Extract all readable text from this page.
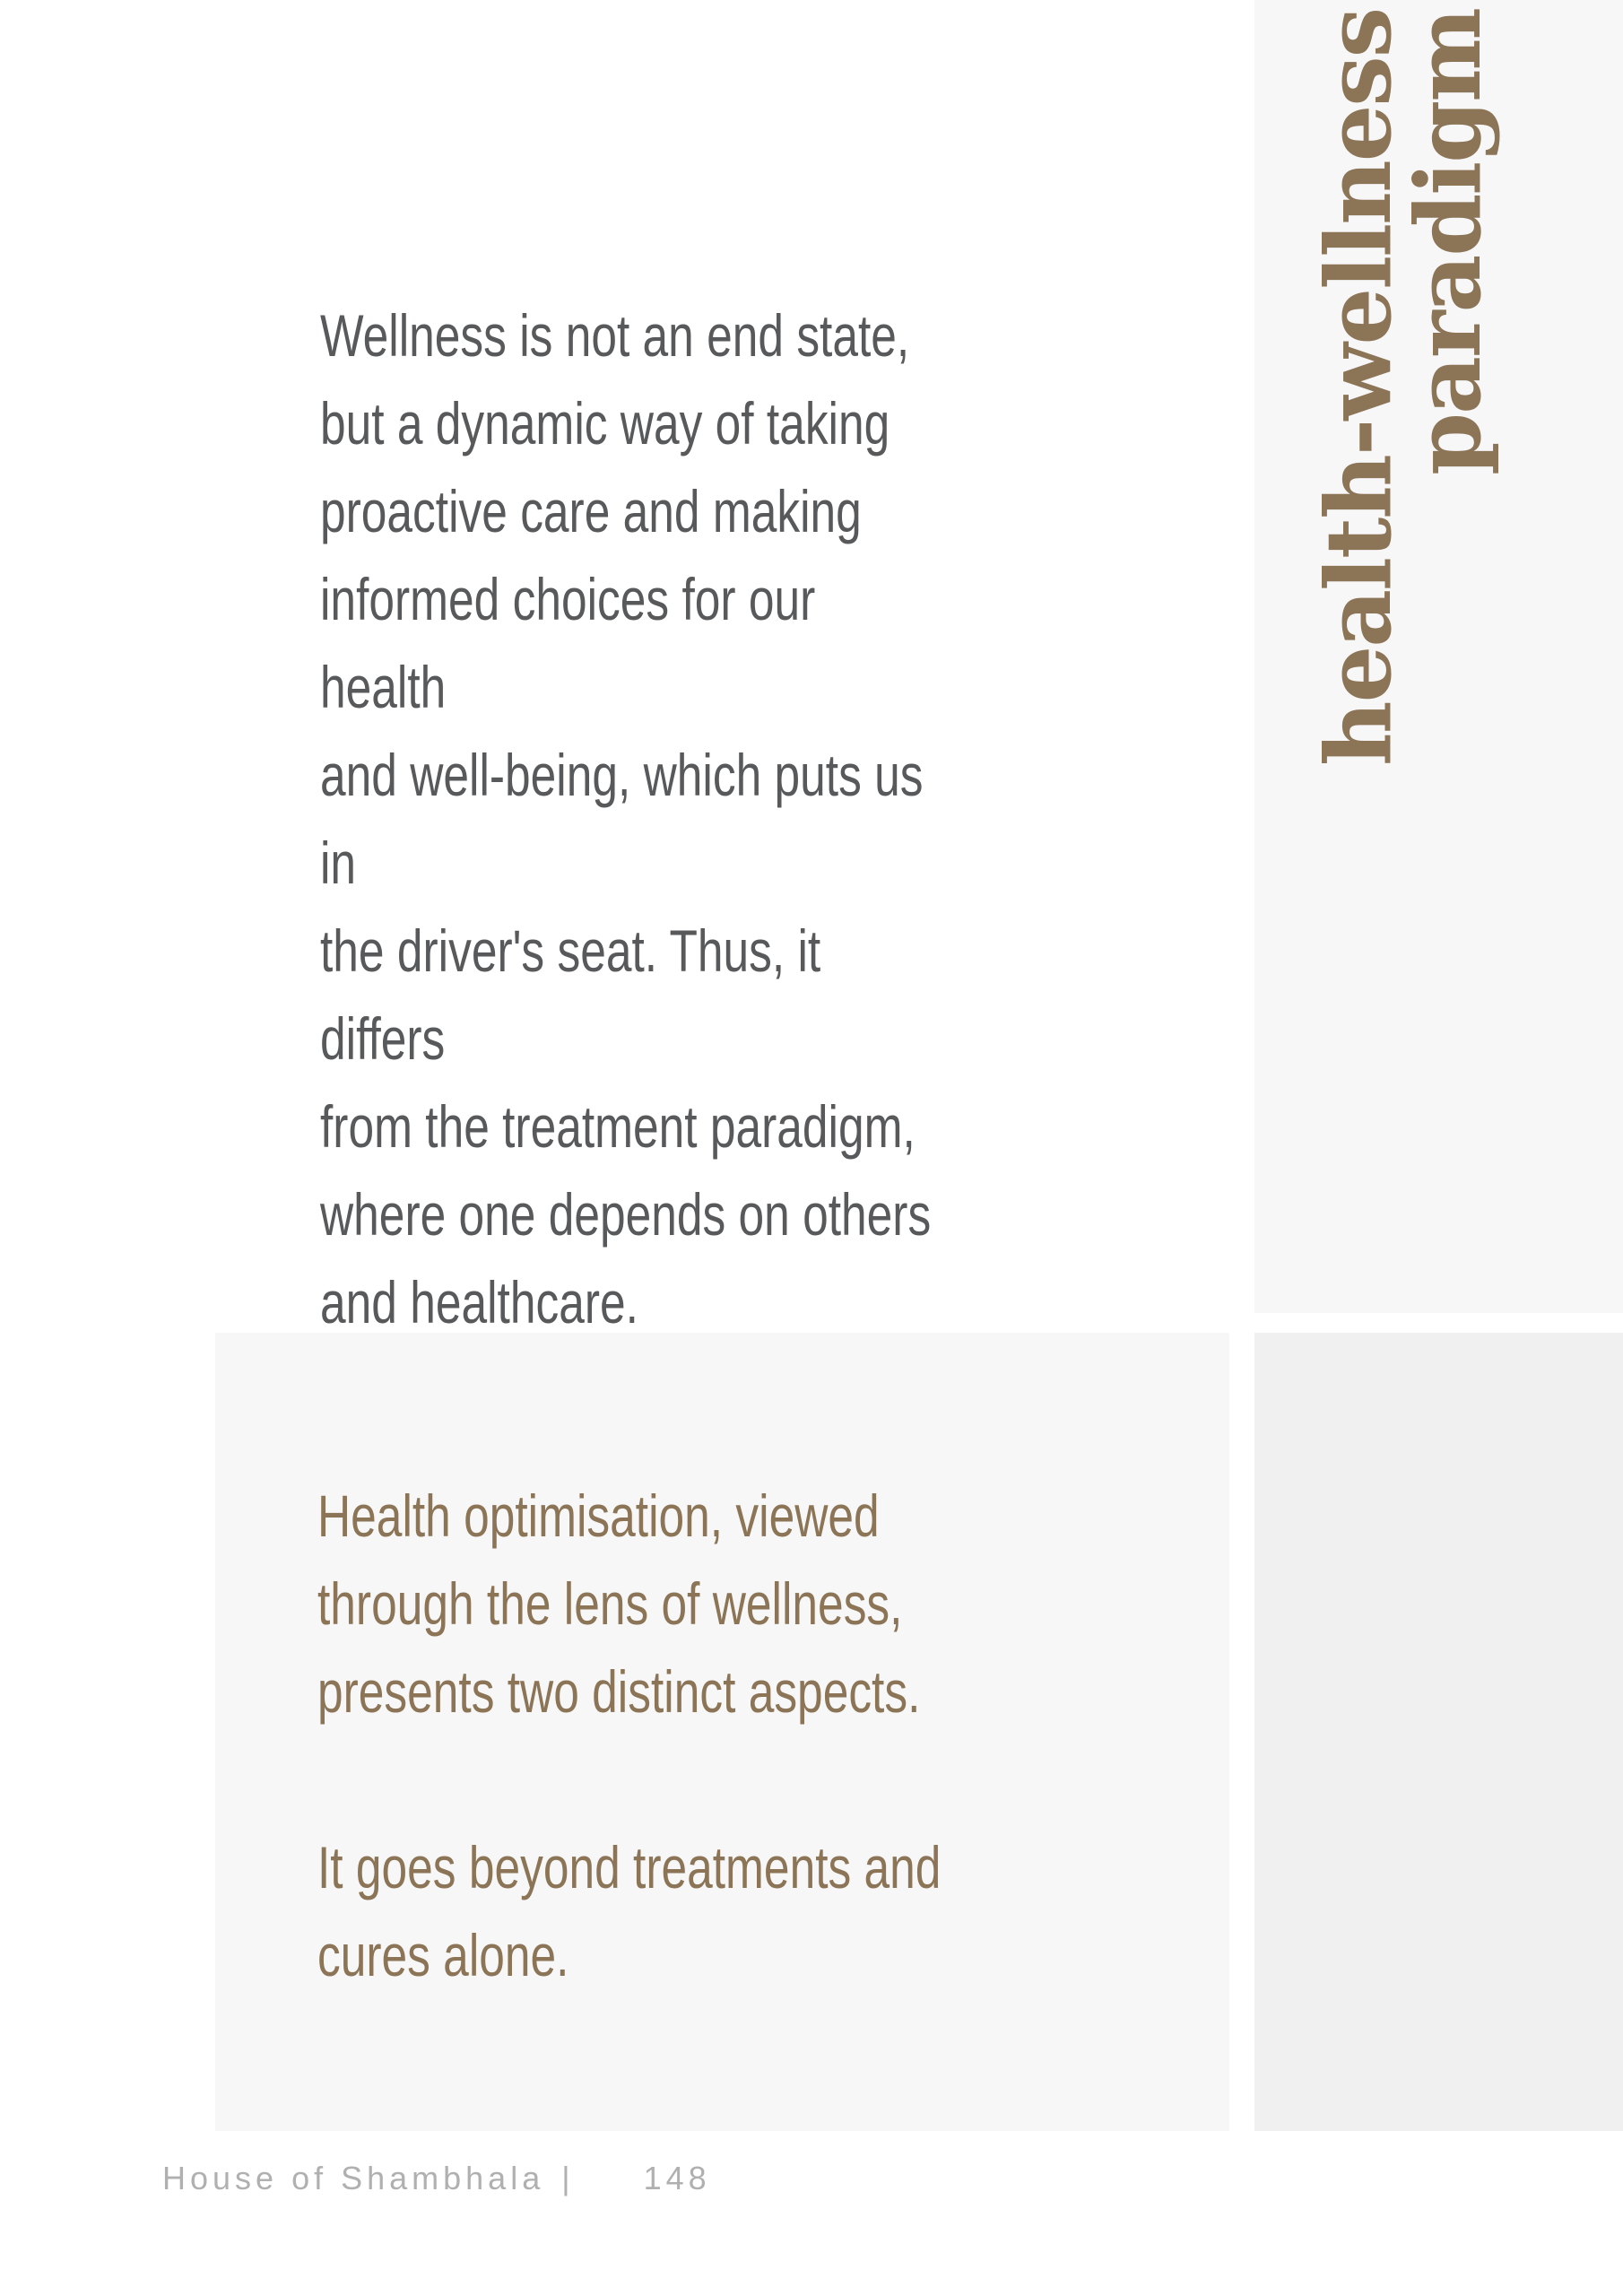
health-wellness
paradigm
Wellness is not an end state,
but a dynamic way of taking
proactive care and making
informed choices for our health
and well-being, which puts us in
the driver's seat. Thus, it differs
from the treatment paradigm,
where one depends on others
and healthcare.

Health optimisation, viewed
through the lens of wellness,
presents two distinct aspects.

It goes beyond treatments and
cures alone.

House of Shambhala | 148
